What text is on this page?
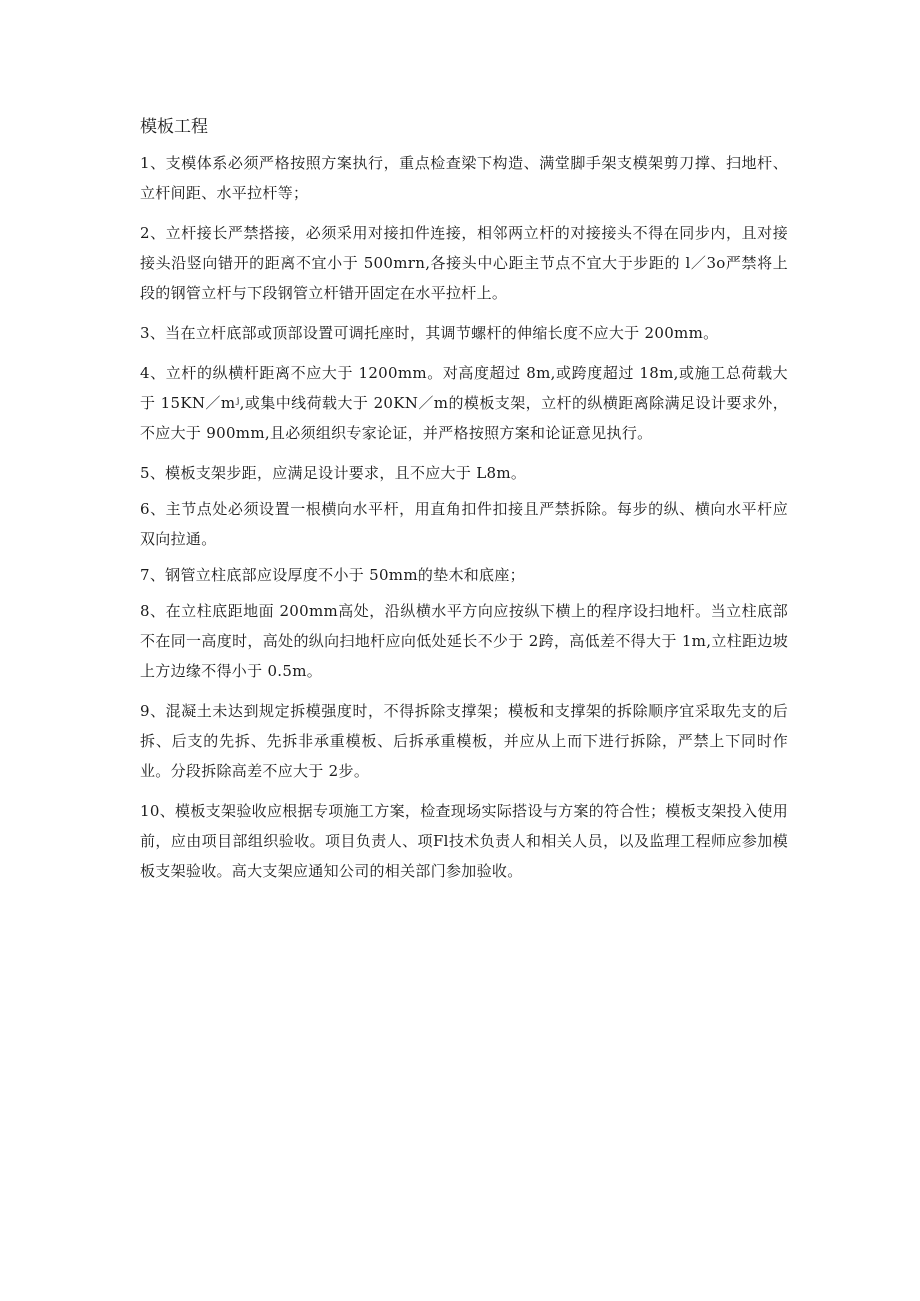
模板工程

1、支模体系必须严格按照方案执行，重点检查梁下构造、满堂脚手架支模架剪刀撑、扫地杆、立杆间距、水平拉杆等；

2、立杆接长严禁搭接，必须采用对接扣件连接，相邻两立杆的对接接头不得在同步内，且对接接头沿竖向错开的距离不宜小于 500mrn,各接头中心距主节点不宜大于步距的 l／3o严禁将上段的钢管立杆与下段钢管立杆错开固定在水平拉杆上。

3、当在立杆底部或顶部设置可调托座时，其调节螺杆的伸缩长度不应大于 200mm。

4、立杆的纵横杆距离不应大于 1200mm。对高度超过 8m,或跨度超过 18m,或施工总荷载大于 15KN／mʲ,或集中线荷载大于 20KN／m的模板支架，立杆的纵横距离除满足设计要求外，不应大于 900mm,且必须组织专家论证，并严格按照方案和论证意见执行。

5、模板支架步距，应满足设计要求，且不应大于 L8m。

6、主节点处必须设置一根横向水平杆，用直角扣件扣接且严禁拆除。每步的纵、横向水平杆应双向拉通。

7、钢管立柱底部应设厚度不小于 50mm的垫木和底座；

8、在立柱底距地面 200mm高处，沿纵横水平方向应按纵下横上的程序设扫地杆。当立柱底部不在同一高度时，高处的纵向扫地杆应向低处延长不少于 2跨，高低差不得大于 1m,立柱距边坡上方边缘不得小于 0.5m。

9、混凝土未达到规定拆模强度时，不得拆除支撑架；模板和支撑架的拆除顺序宜采取先支的后拆、后支的先拆、先拆非承重模板、后拆承重模板，并应从上而下进行拆除，严禁上下同时作业。分段拆除高差不应大于 2步。

10、模板支架验收应根据专项施工方案，检查现场实际搭设与方案的符合性；模板支架投入使用前，应由项目部组织验收。项目负责人、项Fl技术负责人和相关人员，以及监理工程师应参加模板支架验收。高大支架应通知公司的相关部门参加验收。
